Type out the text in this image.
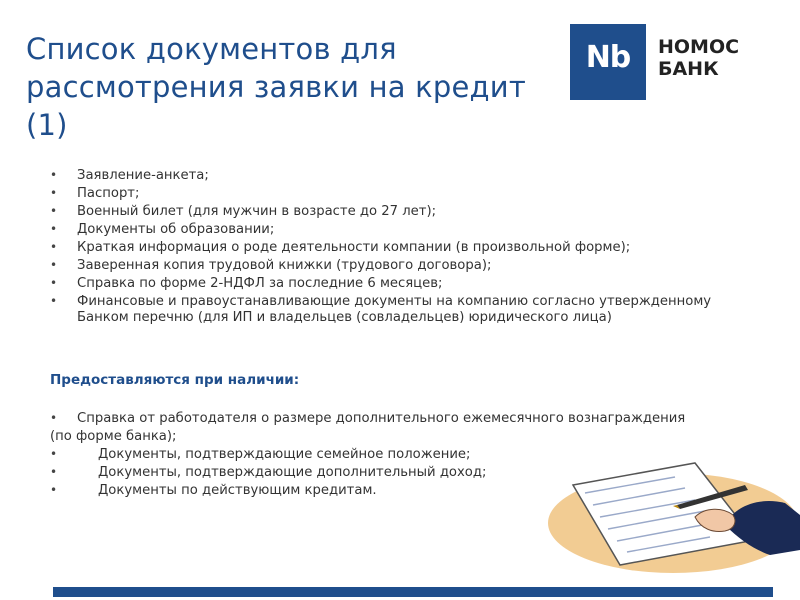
Список документов для
рассмотрения заявки на кредит
(1)
Nb	НОМОС
БАНК
• Заявление-анкета;
• Паспорт;
• Военный билет (для мужчин в возрасте до 27 лет);
• Документы об образовании;
• Краткая информация о роде деятельности компании (в произвольной форме);
• Заверенная копия трудовой книжки (трудового договора);
• Справка по форме 2-НДФЛ за последние 6 месяцев;
• Финансовые и правоустанавливающие документы на компанию согласно утвержденному Банком перечню (для ИП и владельцев (совладельцев) юридического лица)

Предоставляются при наличии:

• Справка от работодателя о размере дополнительного ежемесячного вознаграждения
(по форме банка);
• Документы, подтверждающие семейное положение;
• Документы, подтверждающие дополнительный доход;
• Документы по действующим кредитам.
